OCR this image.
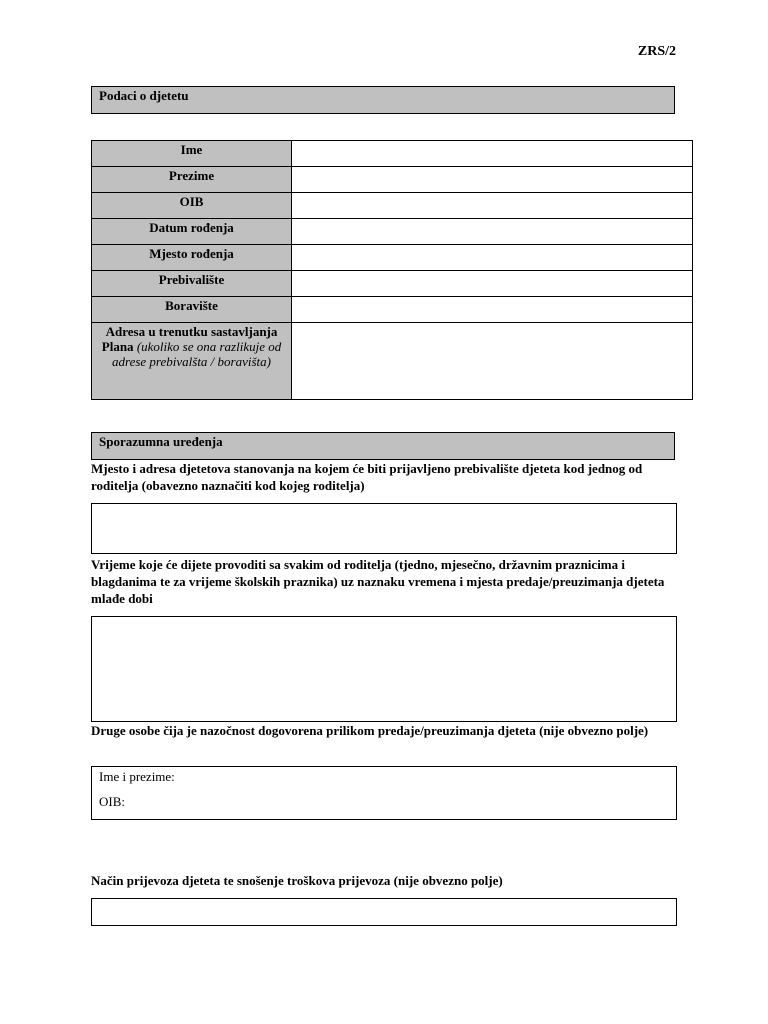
ZRS/2
Podaci o djetetu
Ime	
Prezime	
OIB	
Datum rođenja	
Mjesto rođenja	
Prebivalište	
Boravište	
Adresa u trenutku sastavljanja Plana (ukoliko se ona razlikuje od adrese prebivalšta / boravišta)	
Sporazumna uređenja
Mjesto i adresa djetetova stanovanja na kojem će biti prijavljeno prebivalište djeteta kod jednog od roditelja (obavezno naznačiti kod kojeg roditelja)
Vrijeme koje će dijete provoditi sa svakim od roditelja (tjedno, mjesečno, državnim praznicima i blagdanima te za vrijeme školskih praznika) uz naznaku vremena i mjesta predaje/preuzimanja djeteta mlađe dobi
Druge osobe čija je nazočnost dogovorena prilikom predaje/preuzimanja djeteta (nije obvezno polje)
Ime i prezime:
OIB:
Način prijevoza djeteta te snošenje troškova prijevoza (nije obvezno polje)
